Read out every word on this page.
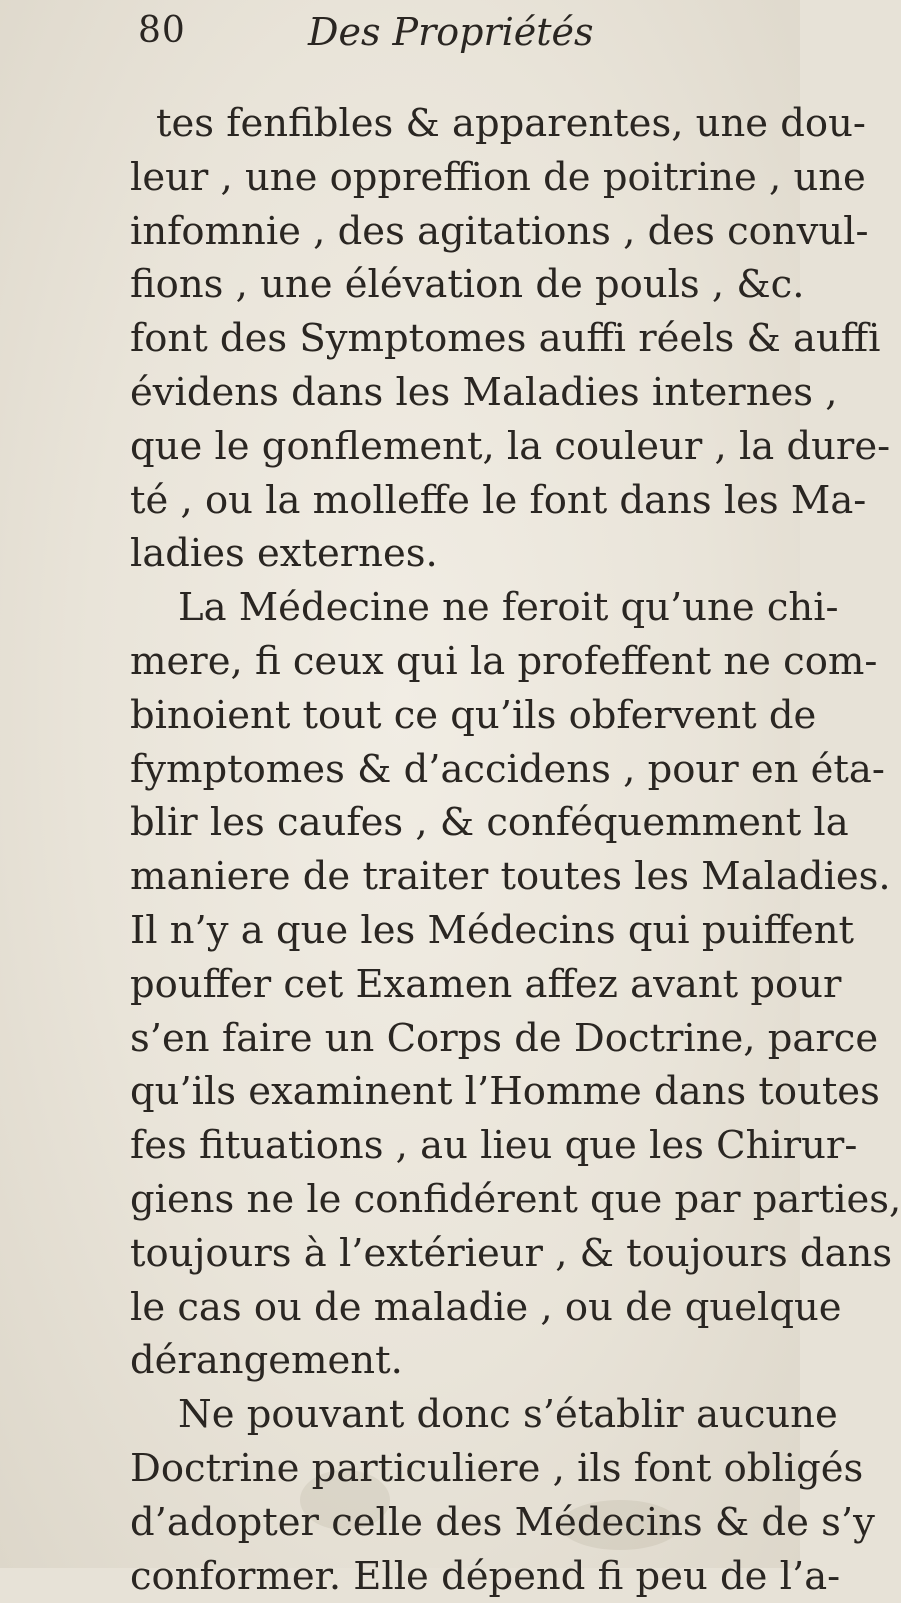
80	Des Propriétés
tes fenfibles & apparentes, une dou-
leur , une oppreffion de poitrine , une
infomnie , des agitations , des convul-
fions , une élévation de pouls , &c.
font des Symptomes auffi réels & auffi
évidens dans les Maladies internes ,
que le gonflement, la couleur , la dure-
té , ou la molleffe le font dans les Ma-
ladies externes.
La Médecine ne feroit qu’une chi-
mere, fi ceux qui la profeffent ne com-
binoient tout ce qu’ils obfervent de
fymptomes & d’accidens , pour en éta-
blir les caufes , & conféquemment la
maniere de traiter toutes les Maladies.
Il n’y a que les Médecins qui puiffent
pouffer cet Examen affez avant pour
s’en faire un Corps de Doctrine, parce
qu’ils examinent l’Homme dans toutes
fes fituations , au lieu que les Chirur-
giens ne le confidérent que par parties,
toujours à l’extérieur , & toujours dans
le cas ou de maladie , ou de quelque
dérangement.
Ne pouvant donc s’établir aucune
Doctrine particuliere , ils font obligés
d’adopter celle des Médecins & de s’y
conformer. Elle dépend fi peu de l’a-
